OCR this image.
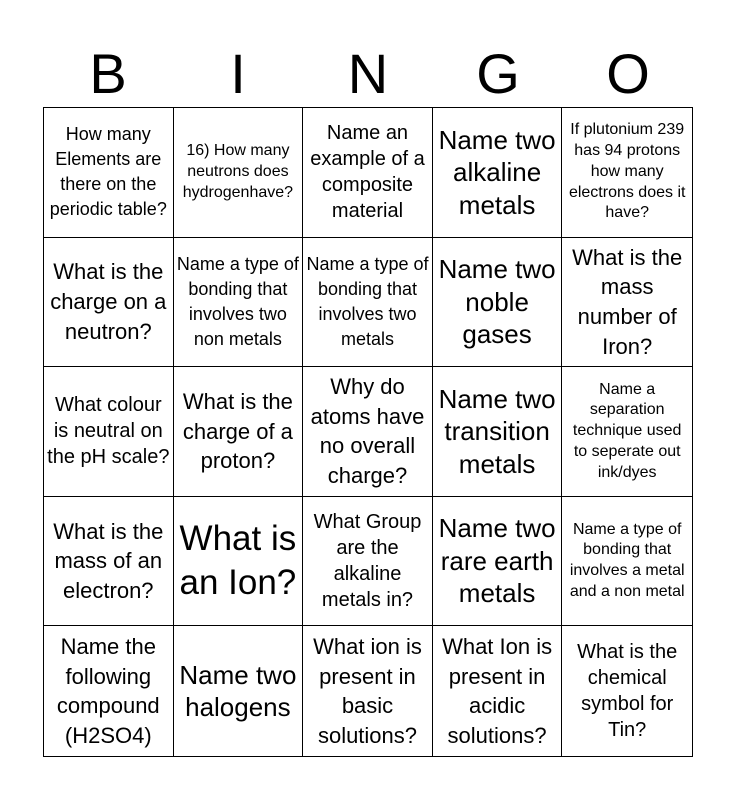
B	I	N	G	O
How many Elements are there on the periodic table?
16) How many neutrons does hydrogenhave?
Name an example of a composite material
Name two alkaline metals
If plutonium 239 has 94 protons how many electrons does it have?
What is the charge on a neutron?
Name a type of bonding that involves two non metals
Name a type of bonding that involves two metals
Name two noble gases
What is the mass number of Iron?
What colour is neutral on the pH scale?
What is the charge of a proton?
Why do atoms have no overall charge?
Name two transition metals
Name a separation technique used to seperate out ink/dyes
What is the mass of an electron?
What is an Ion?
What Group are the alkaline metals in?
Name two rare earth metals
Name a type of bonding that involves a metal and a non metal
Name the following compound (H2SO4)
Name two halogens
What ion is present in basic solutions?
What Ion is present in acidic solutions?
What is the chemical symbol for Tin?
